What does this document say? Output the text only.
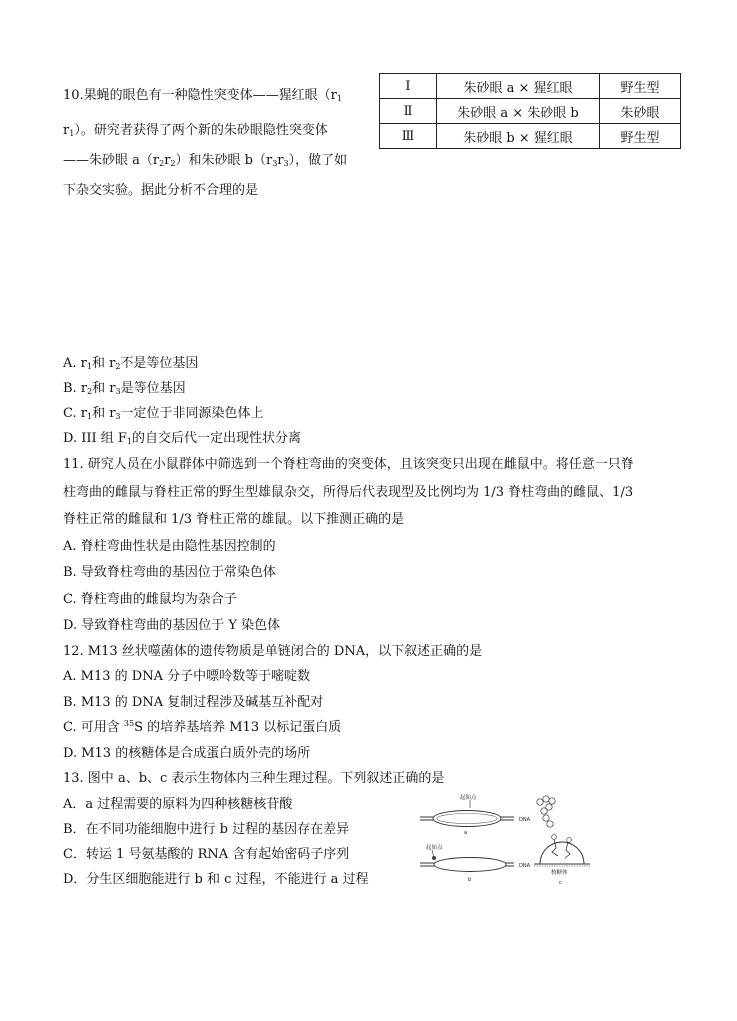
10.果蝇的眼色有一种隐性突变体——猩红眼（$r_1$
$r_1$）。研究者获得了两个新的朱砂眼隐性突变体
——朱砂眼 $a(r_2r_2)$和朱砂眼 $b(r_3r_3)$，做了如
下杂交实验。据此分析不合理的是
Ⅰ	朱砂眼 a × 猩红眼	野生型
Ⅱ	朱砂眼 a × 朱砂眼 b	朱砂眼
Ⅲ	朱砂眼 b × 猩红眼	野生型
A. $r_1$和 $r_2$不是等位基因
B. $r_2$和 $r_3$是等位基因
C. $r_1$和 $r_3$一定位于非同源染色体上
D. III 组 $F_1$的自交后代一定出现性状分离
11. 研究人员在小鼠群体中筛选到一个脊柱弯曲的突变体，且该突变只出现在雌鼠中。将任意一只脊
柱弯曲的雌鼠与脊柱正常的野生型雄鼠杂交，所得后代表现型及比例均为 1/3 脊柱弯曲的雌鼠、1/3
脊柱正常的雌鼠和 1/3 脊柱正常的雄鼠。以下推测正确的是
A. 脊柱弯曲性状是由隐性基因控制的
B. 导致脊柱弯曲的基因位于常染色体
C. 脊柱弯曲的雌鼠均为杂合子
D. 导致脊柱弯曲的基因位于 Y 染色体
12. M13 丝状噬菌体的遗传物质是单链闭合的 DNA，以下叙述正确的是
A. M13 的 DNA 分子中嘌呤数等于嘧啶数
B. M13 的 DNA 复制过程涉及碱基互补配对
C. 可用含 $^{35}$S 的培养基培养 M13 以标记蛋白质
D. M13 的核糖体是合成蛋白质外壳的场所
13. 图中 a、b、c 表示生物体内三种生理过程。下列叙述正确的是
A．a 过程需要的原料为四种核糖核苷酸
B．在不同功能细胞中进行 b 过程的基因存在差异
C．转运 1 号氨基酸的 RNA 含有起始密码子序列
D．分生区细胞能进行 b 和 c 过程，不能进行 a 过程
起始点
DNA
a
起始点
DNA
b
核糖体
c
